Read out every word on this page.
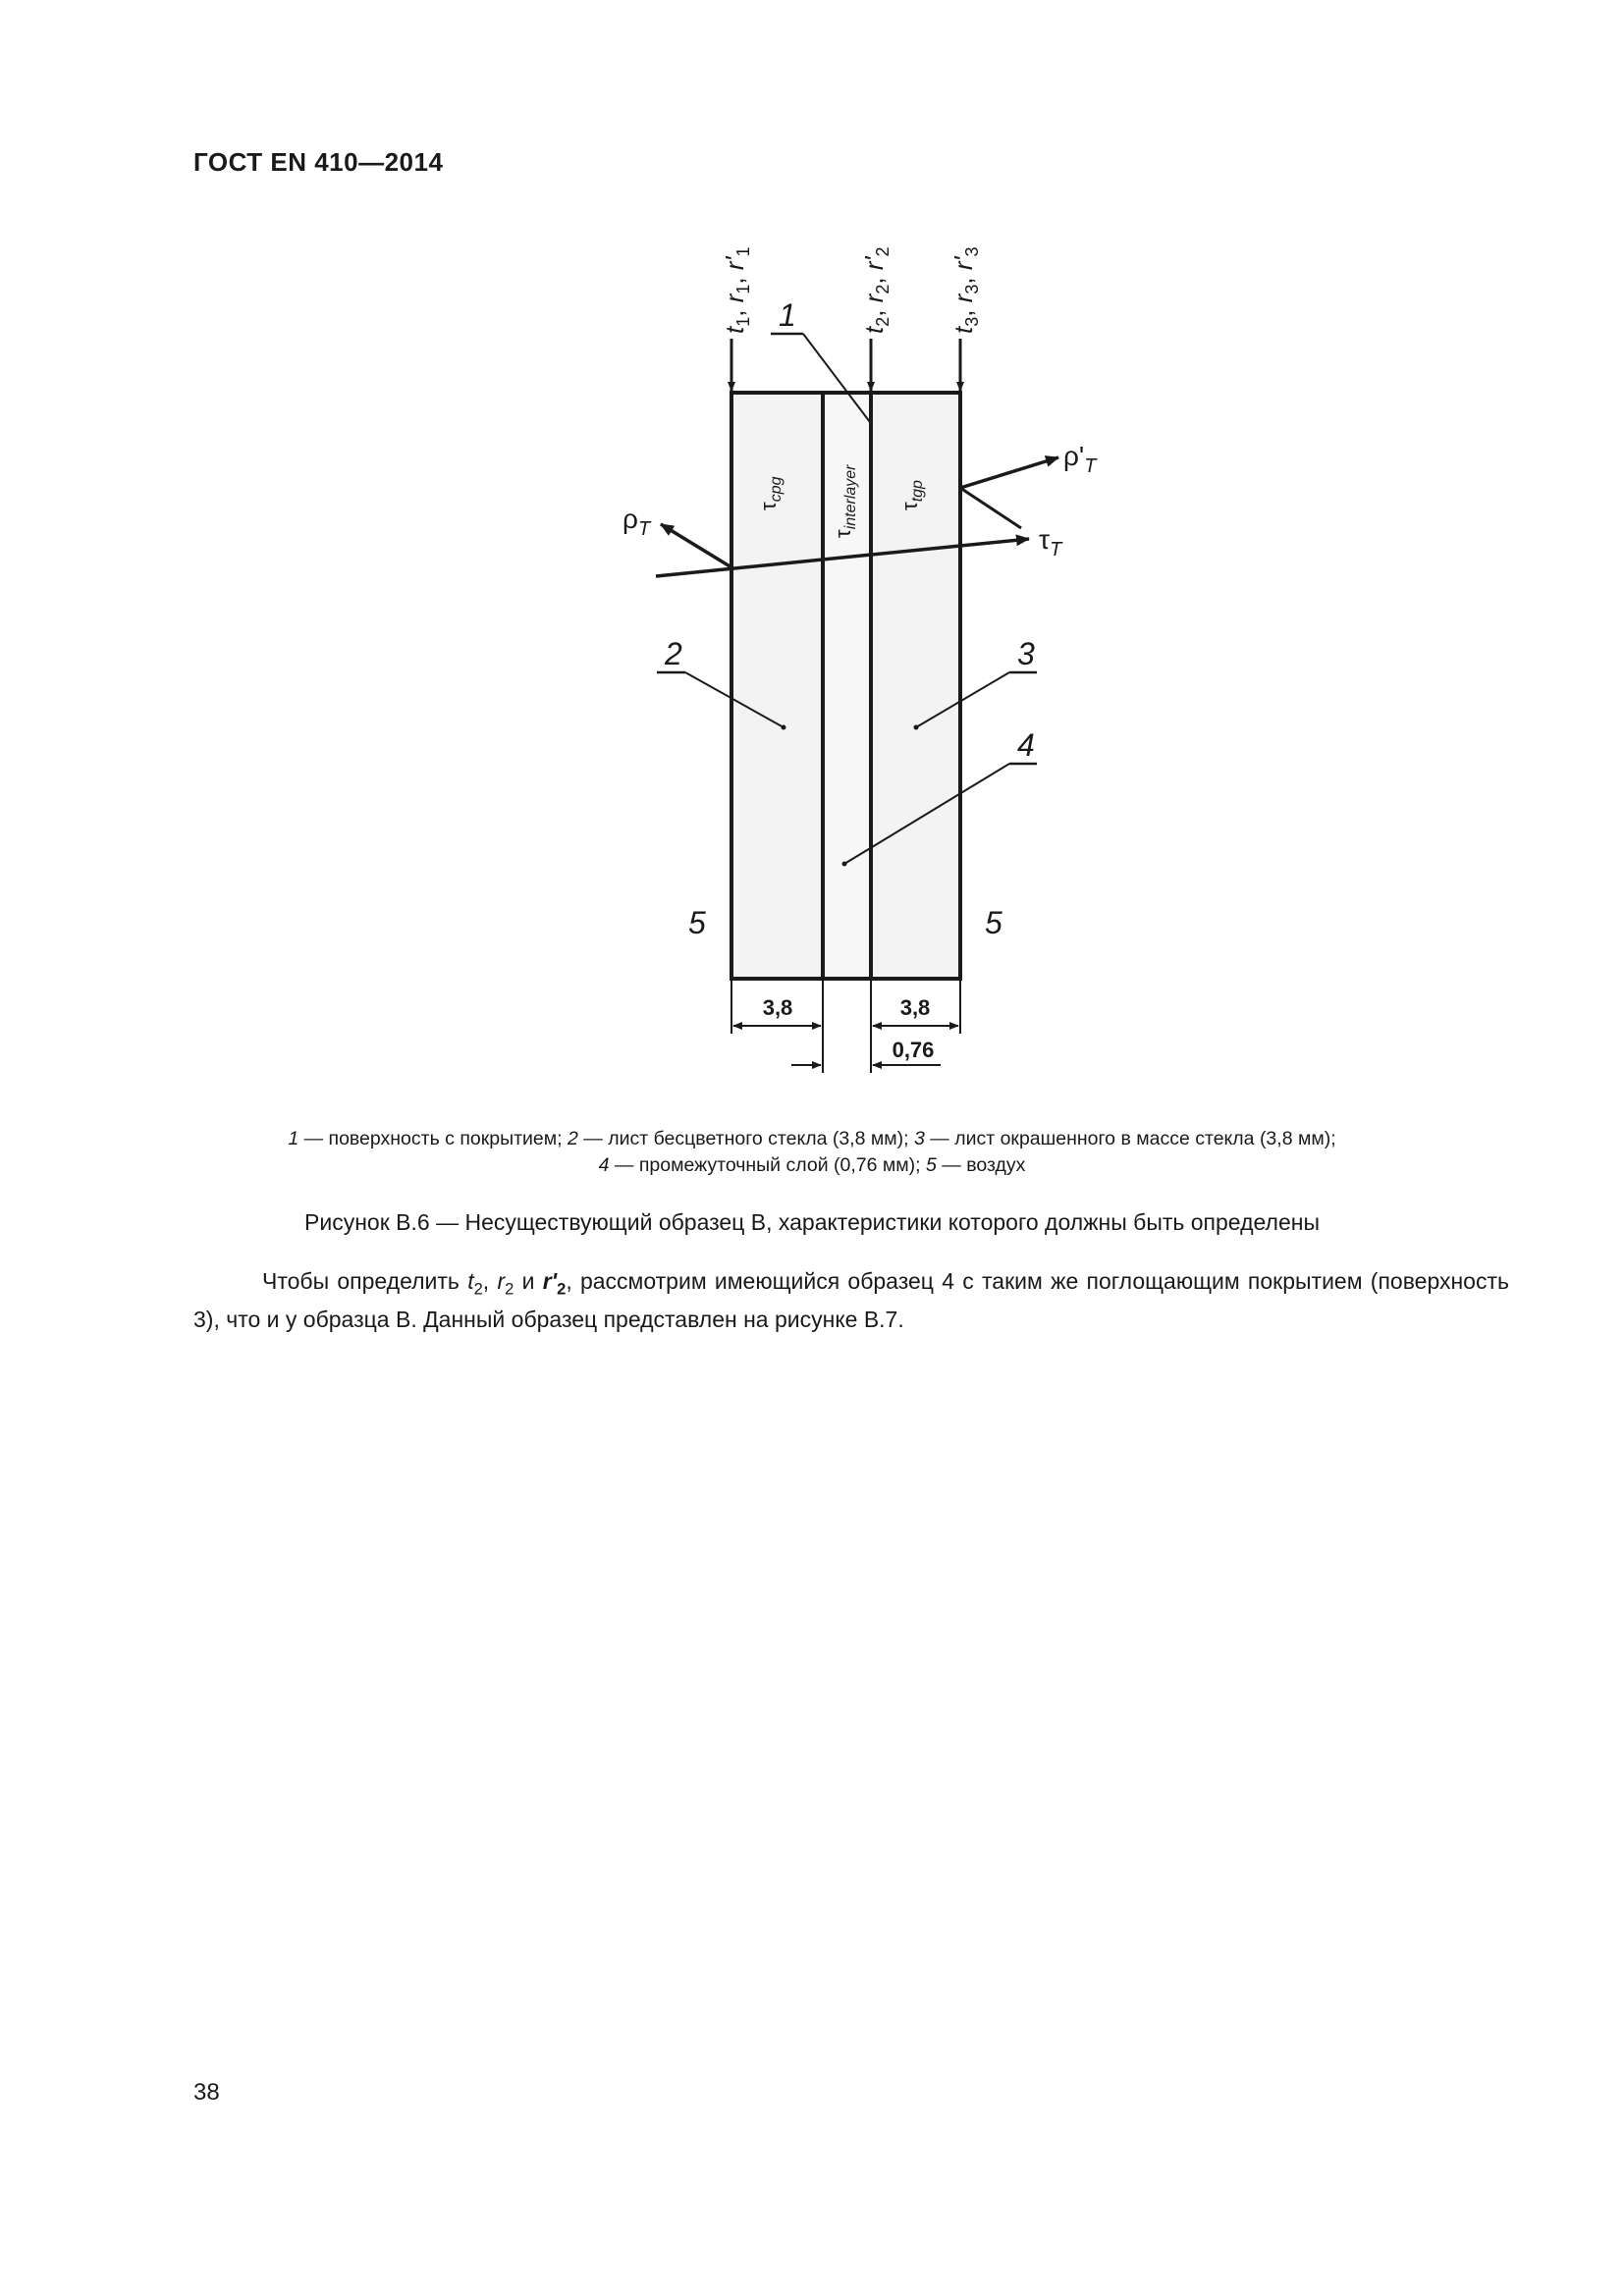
ГОСТ EN 410—2014
$t_1$, $r_1$, $r'_1$
$t_2$, $r_2$, $r'_2$
$t_3$, $r_3$, $r'_3$
1
$\tau_{cpg}$
$\tau_{interlayer}$ $\tau_{tgp}$
$\rho_T$
$\rho'_T$
$\tau_T$
2	3
4
5	5
3,8	3,8
0,76
1 — поверхность с покрытием; 2 — лист бесцветного стекла (3,8 мм); 3 — лист окрашенного в массе стекла (3,8 мм);
4 — промежуточный слой (0,76 мм); 5 — воздух
Рисунок В.6 — Несуществующий образец В, характеристики которого должны быть определены
Чтобы определить $t_2$, $r_2$ и $r'_2$, рассмотрим имеющийся образец 4 с таким же поглощающим покрытием (поверхность 3), что и у образца В. Данный образец представлен на рисунке В.7.
38
